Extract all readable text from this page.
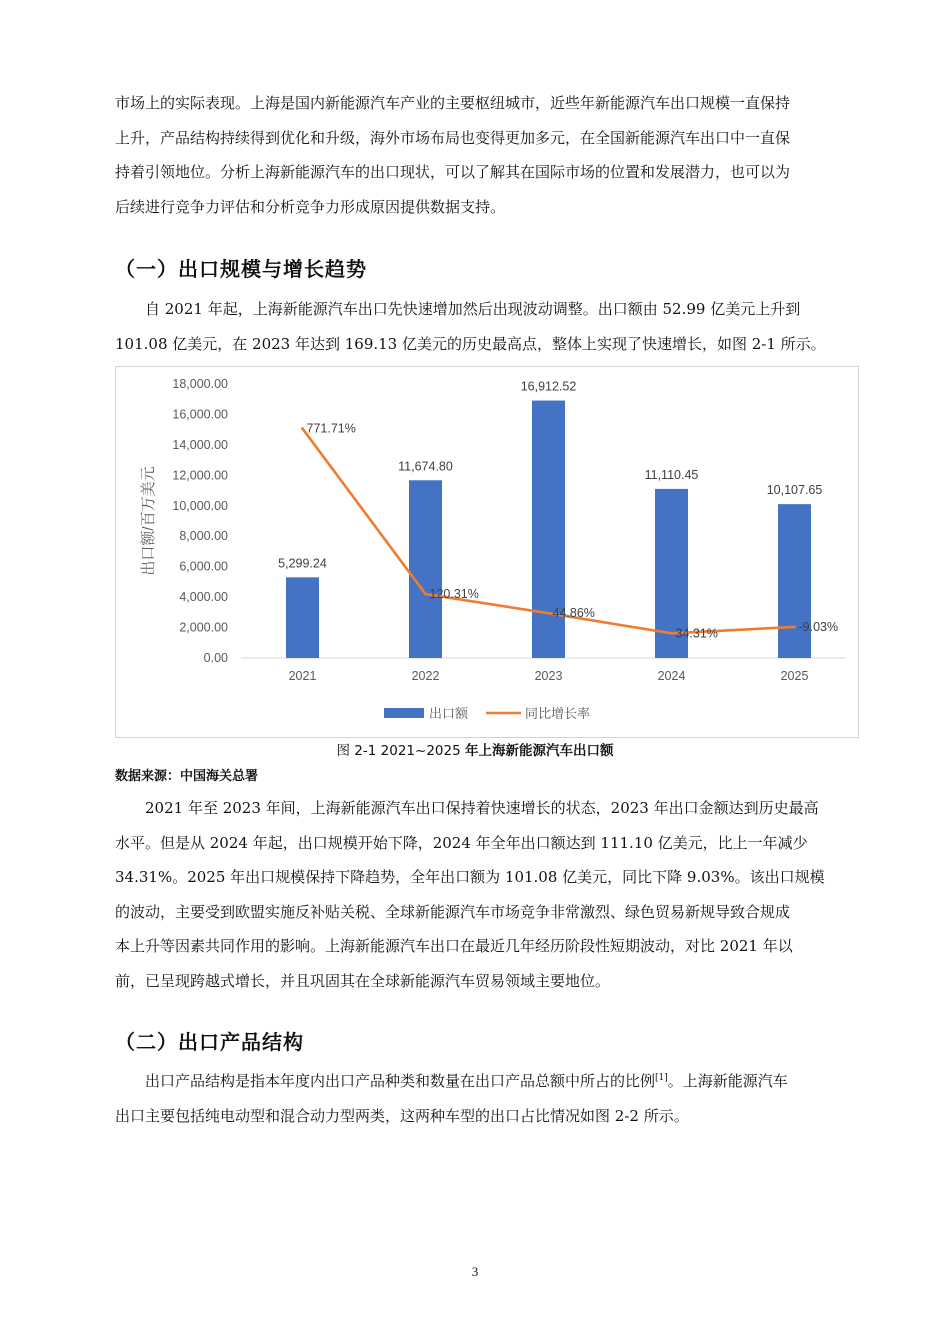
市场上的实际表现。上海是国内新能源汽车产业的主要枢纽城市，近些年新能源汽车出口规模一直保持
上升，产品结构持续得到优化和升级，海外市场布局也变得更加多元，在全国新能源汽车出口中一直保
持着引领地位。分析上海新能源汽车的出口现状，可以了解其在国际市场的位置和发展潜力，也可以为
后续进行竞争力评估和分析竞争力形成原因提供数据支持。

（一）出口规模与增长趋势

自 2021 年起，上海新能源汽车出口先快速增加然后出现波动调整。出口额由 52.99 亿美元上升到
101.08 亿美元，在 2023 年达到 169.13 亿美元的历史最高点，整体上实现了快速增长，如图 2-1 所示。

0.00
2,000.00
4,000.00
6,000.00
8,000.00
10,000.00
12,000.00
14,000.00
16,000.00
18,000.00
出口额/百万美元	5,299.24
11,674.80
16,912.52
11,110.45
10,107.65
771.71%
120.31%
44.86%
34.31%	-9.03%
2021	2022	2023	2024	2025
出口额	同比增长率
图 2-1 2021~2025 年上海新能源汽车出口额
数据来源：中国海关总署

2021 年至 2023 年间，上海新能源汽车出口保持着快速增长的状态，2023 年出口金额达到历史最高
水平。但是从 2024 年起，出口规模开始下降，2024 年全年出口额达到 111.10 亿美元，比上一年减少
34.31%。2025 年出口规模保持下降趋势，全年出口额为 101.08 亿美元，同比下降 9.03%。该出口规模
的波动，主要受到欧盟实施反补贴关税、全球新能源汽车市场竞争非常激烈、绿色贸易新规导致合规成
本上升等因素共同作用的影响。上海新能源汽车出口在最近几年经历阶段性短期波动，对比 2021 年以
前，已呈现跨越式增长，并且巩固其在全球新能源汽车贸易领域主要地位。

（二）出口产品结构

出口产品结构是指本年度内出口产品种类和数量在出口产品总额中所占的比例[1]。上海新能源汽车
出口主要包括纯电动型和混合动力型两类，这两种车型的出口占比情况如图 2-2 所示。

3
